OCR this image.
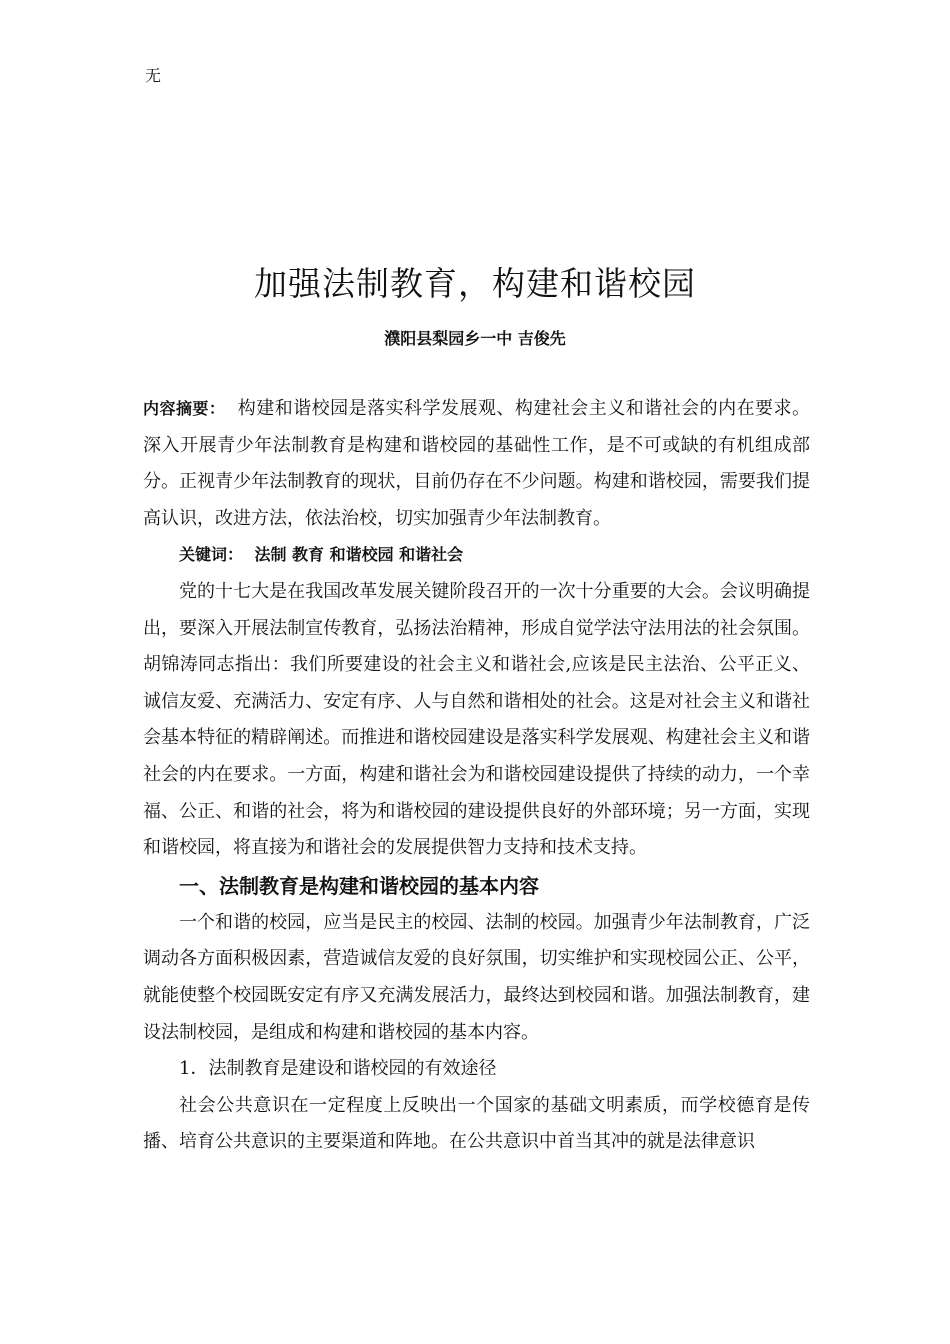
无
加强法制教育，构建和谐校园
濮阳县梨园乡一中 吉俊先

内容摘要： 构建和谐校园是落实科学发展观、构建社会主义和谐社会的内在要求。深入开展青少年法制教育是构建和谐校园的基础性工作，是不可或缺的有机组成部分。正视青少年法制教育的现状，目前仍存在不少问题。构建和谐校园，需要我们提高认识，改进方法，依法治校，切实加强青少年法制教育。

关键词： 法制 教育 和谐校园 和谐社会

党的十七大是在我国改革发展关键阶段召开的一次十分重要的大会。会议明确提出，要深入开展法制宣传教育，弘扬法治精神，形成自觉学法守法用法的社会氛围。胡锦涛同志指出：我们所要建设的社会主义和谐社会,应该是民主法治、公平正义、诚信友爱、充满活力、安定有序、人与自然和谐相处的社会。这是对社会主义和谐社会基本特征的精辟阐述。而推进和谐校园建设是落实科学发展观、构建社会主义和谐社会的内在要求。一方面，构建和谐社会为和谐校园建设提供了持续的动力，一个幸福、公正、和谐的社会，将为和谐校园的建设提供良好的外部环境；另一方面，实现和谐校园，将直接为和谐社会的发展提供智力支持和技术支持。

一、法制教育是构建和谐校园的基本内容

一个和谐的校园，应当是民主的校园、法制的校园。加强青少年法制教育，广泛调动各方面积极因素，营造诚信友爱的良好氛围，切实维护和实现校园公正、公平，就能使整个校园既安定有序又充满发展活力，最终达到校园和谐。加强法制教育，建设法制校园，是组成和构建和谐校园的基本内容。

1．法制教育是建设和谐校园的有效途径

社会公共意识在一定程度上反映出一个国家的基础文明素质，而学校德育是传播、培育公共意识的主要渠道和阵地。在公共意识中首当其冲的就是法律意识
